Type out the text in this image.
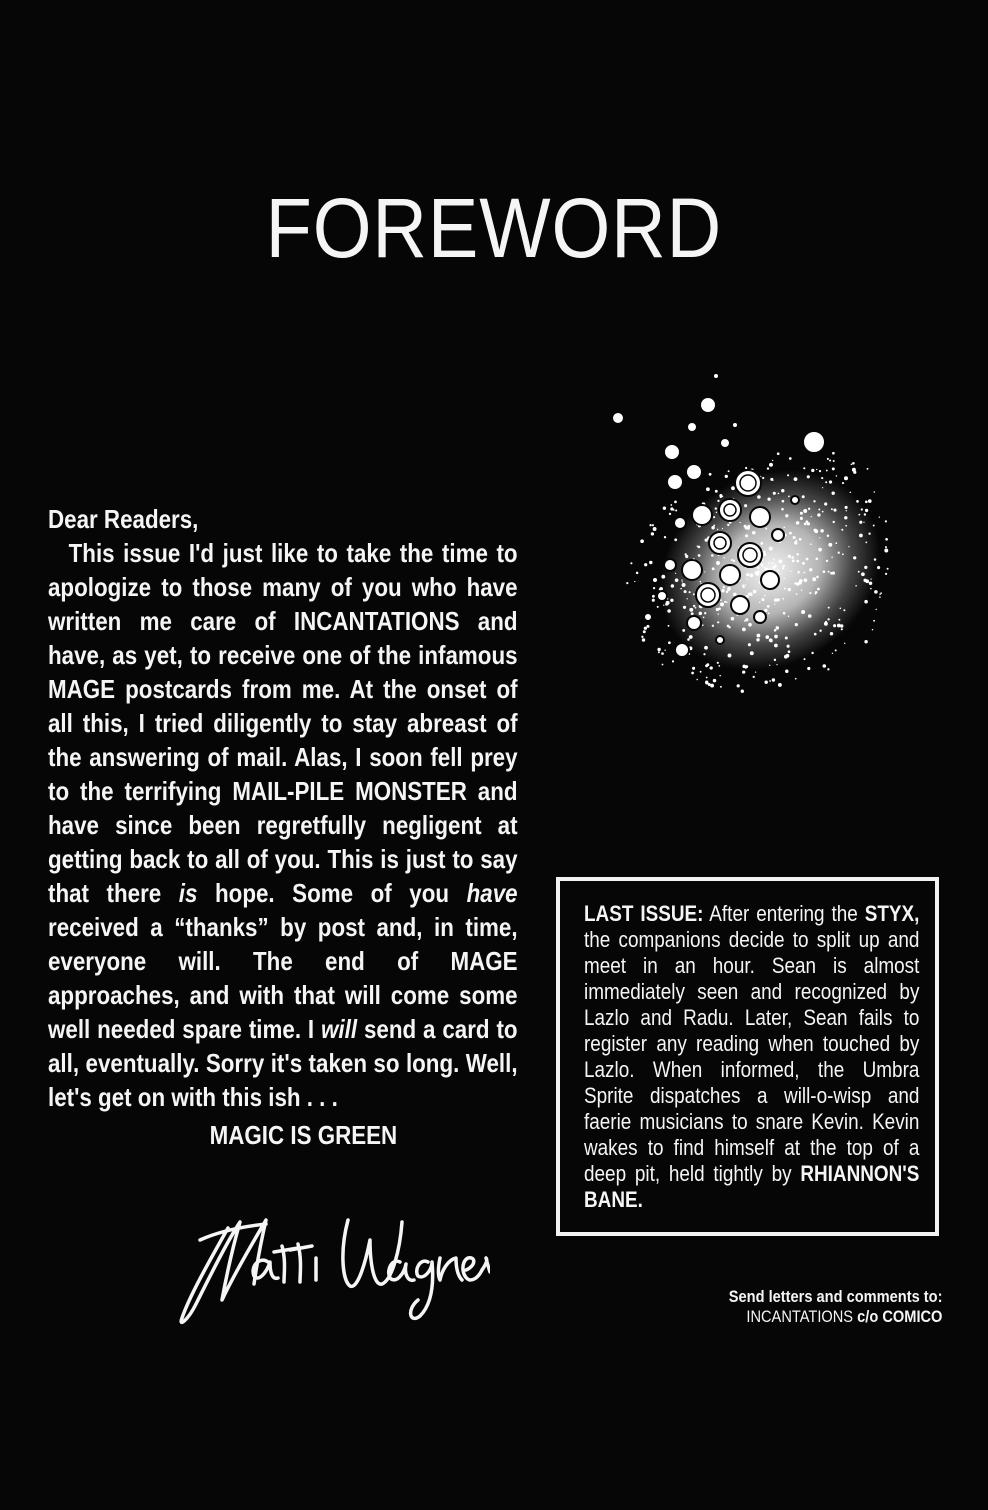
FOREWORD

Dear Readers,

This issue I'd just like to take the time to apologize to those many of you who have written me care of INCANTATIONS and have, as yet, to receive one of the infamous MAGE postcards from me. At the onset of all this, I tried diligently to stay abreast of the answering of mail. Alas, I soon fell prey to the terrifying MAIL-PILE MONSTER and have since been regretfully negligent at getting back to all of you. This is just to say that there is hope. Some of you have received a “thanks” by post and, in time, everyone will. The end of MAGE approaches, and with that will come some well needed spare time. I will send a card to all, eventually. Sorry it's taken so long. Well, let's get on with this ish . . .

MAGIC IS GREEN

LAST ISSUE: After entering the STYX, the companions decide to split up and meet in an hour. Sean is almost immediately seen and recognized by Lazlo and Radu. Later, Sean fails to register any reading when touched by Lazlo. When informed, the Umbra Sprite dispatches a will-o-wisp and faerie musicians to snare Kevin. Kevin wakes to find himself at the top of a deep pit, held tightly by RHIANNON'S BANE.
Send letters and comments to:
INCANTATIONS c/o COMICO
